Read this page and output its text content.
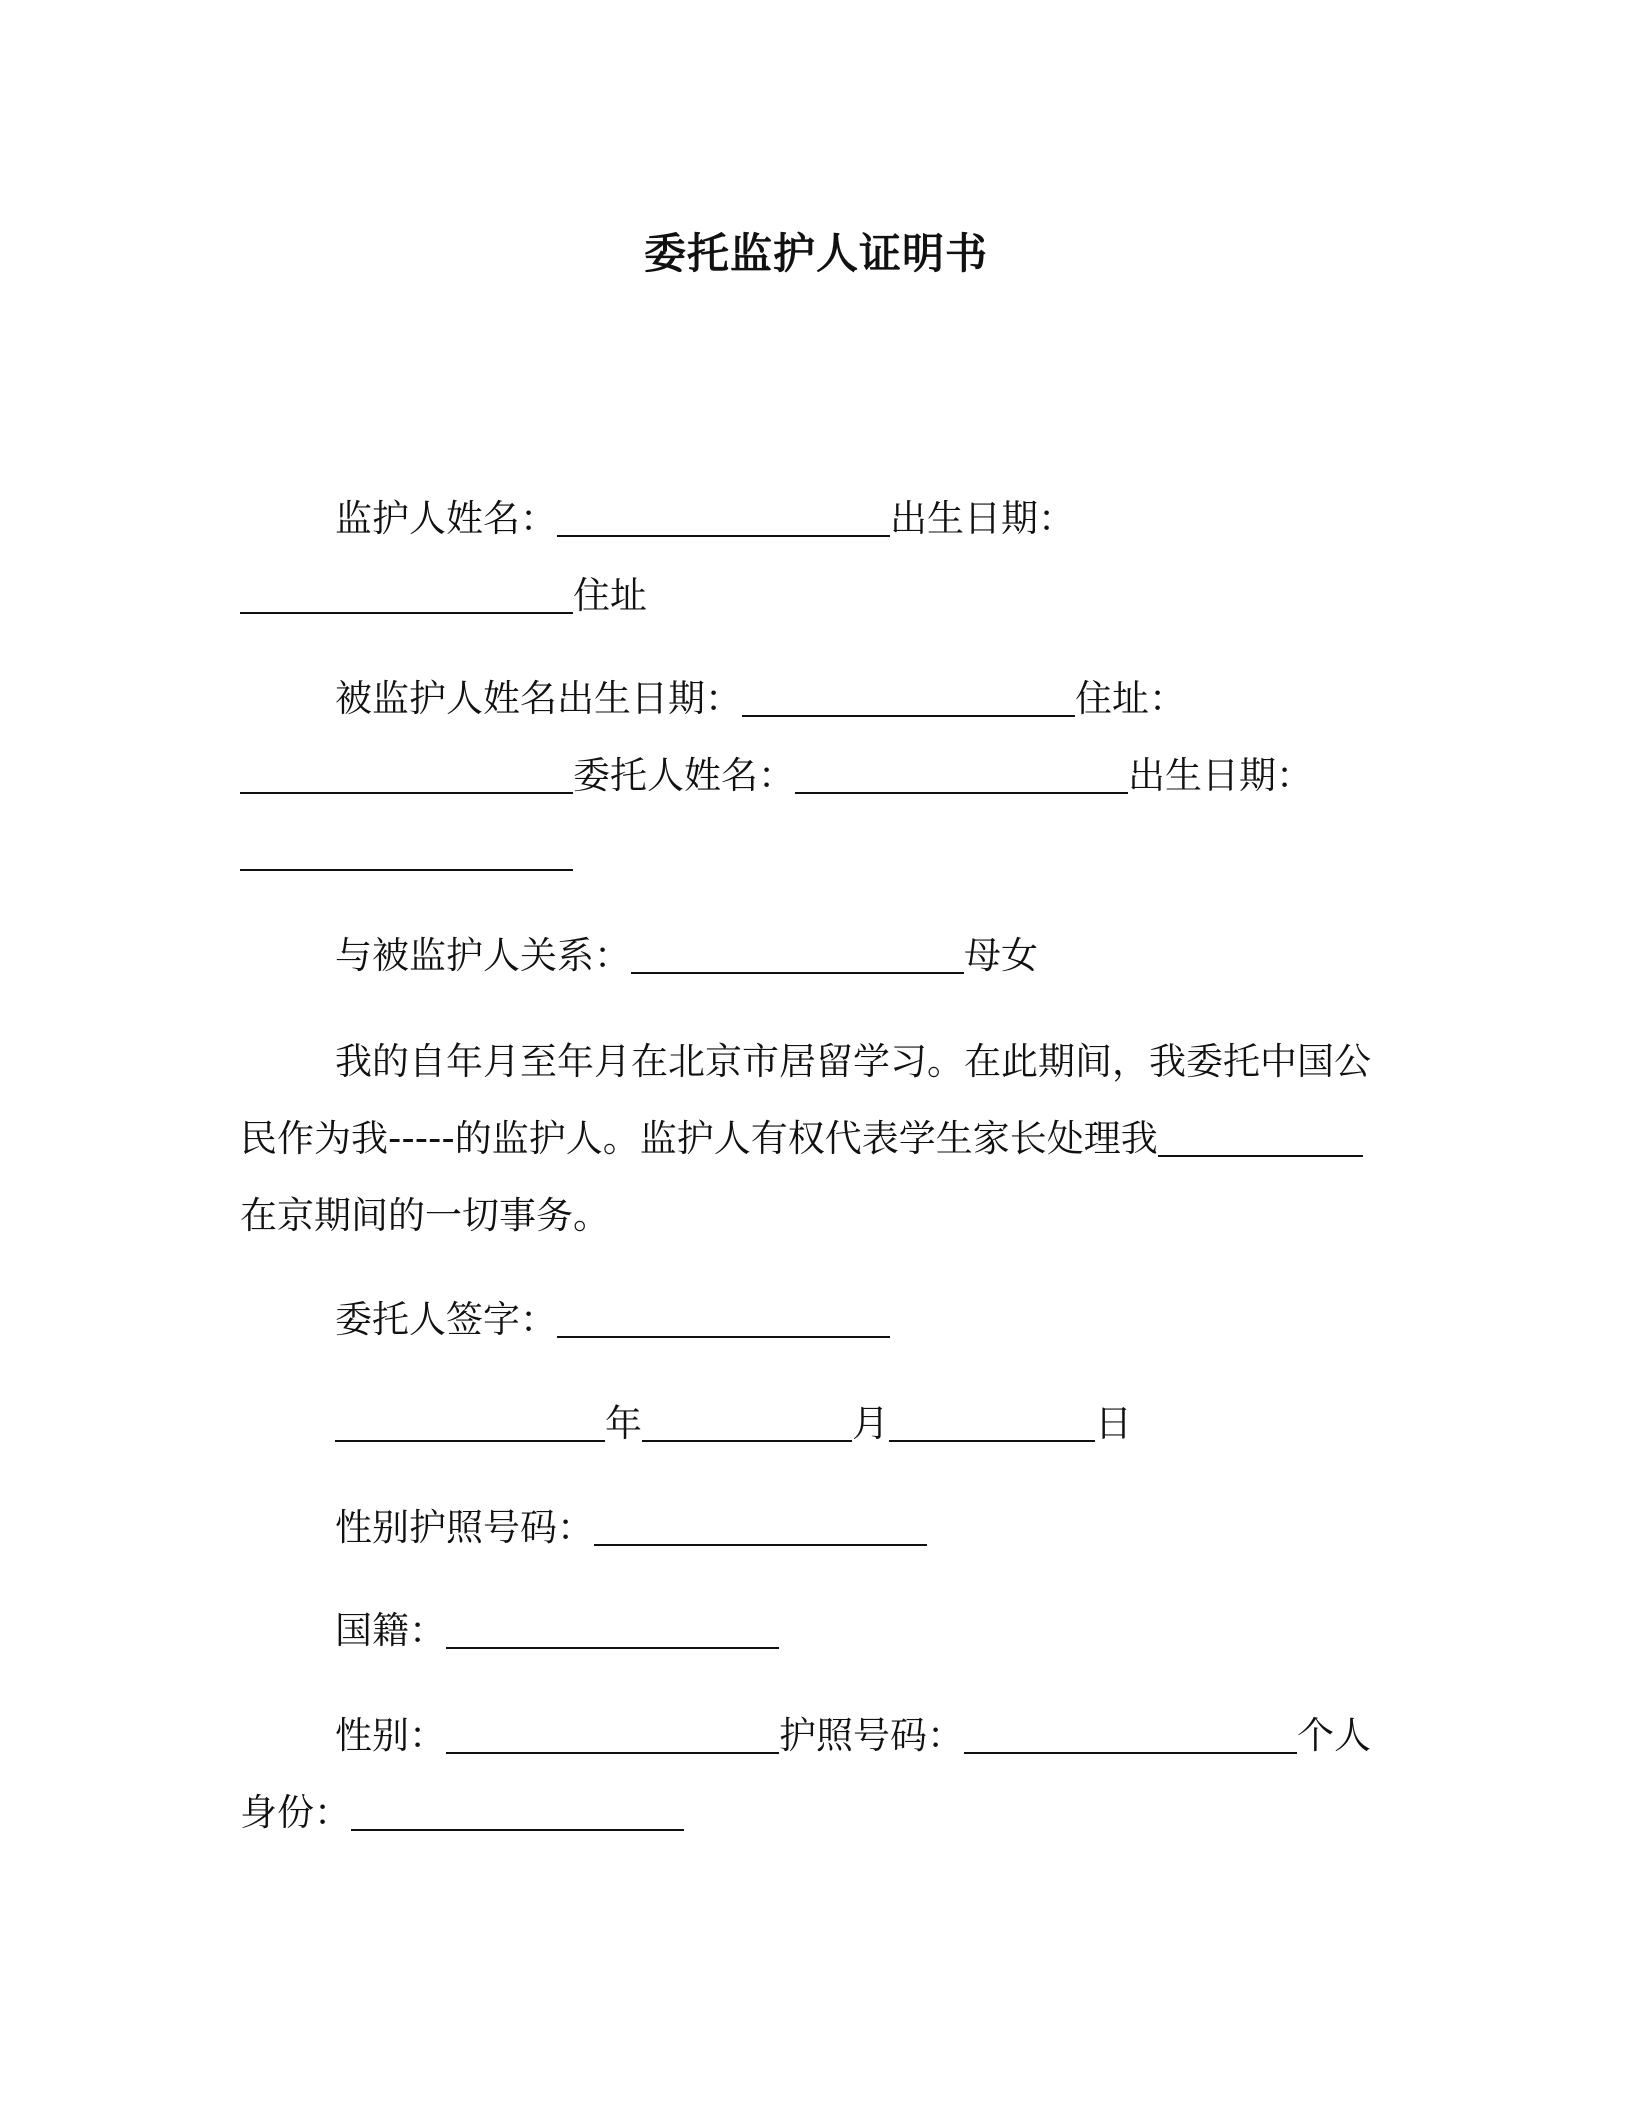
委托监护人证明书
监护人姓名：	出生日期：
住址
被监护人姓名出生日期：	住址：
委托人姓名：	出生日期：
与被监护人关系：	母女
我的自年月至年月在北京市居留学习。在此期间，我委托中国公
民作为我-----的监护人。监护人有权代表学生家长处理我
在京期间的一切事务。
委托人签字：
年	月	日
性别护照号码：
国籍：
性别：	护照号码：	个人
身份：
